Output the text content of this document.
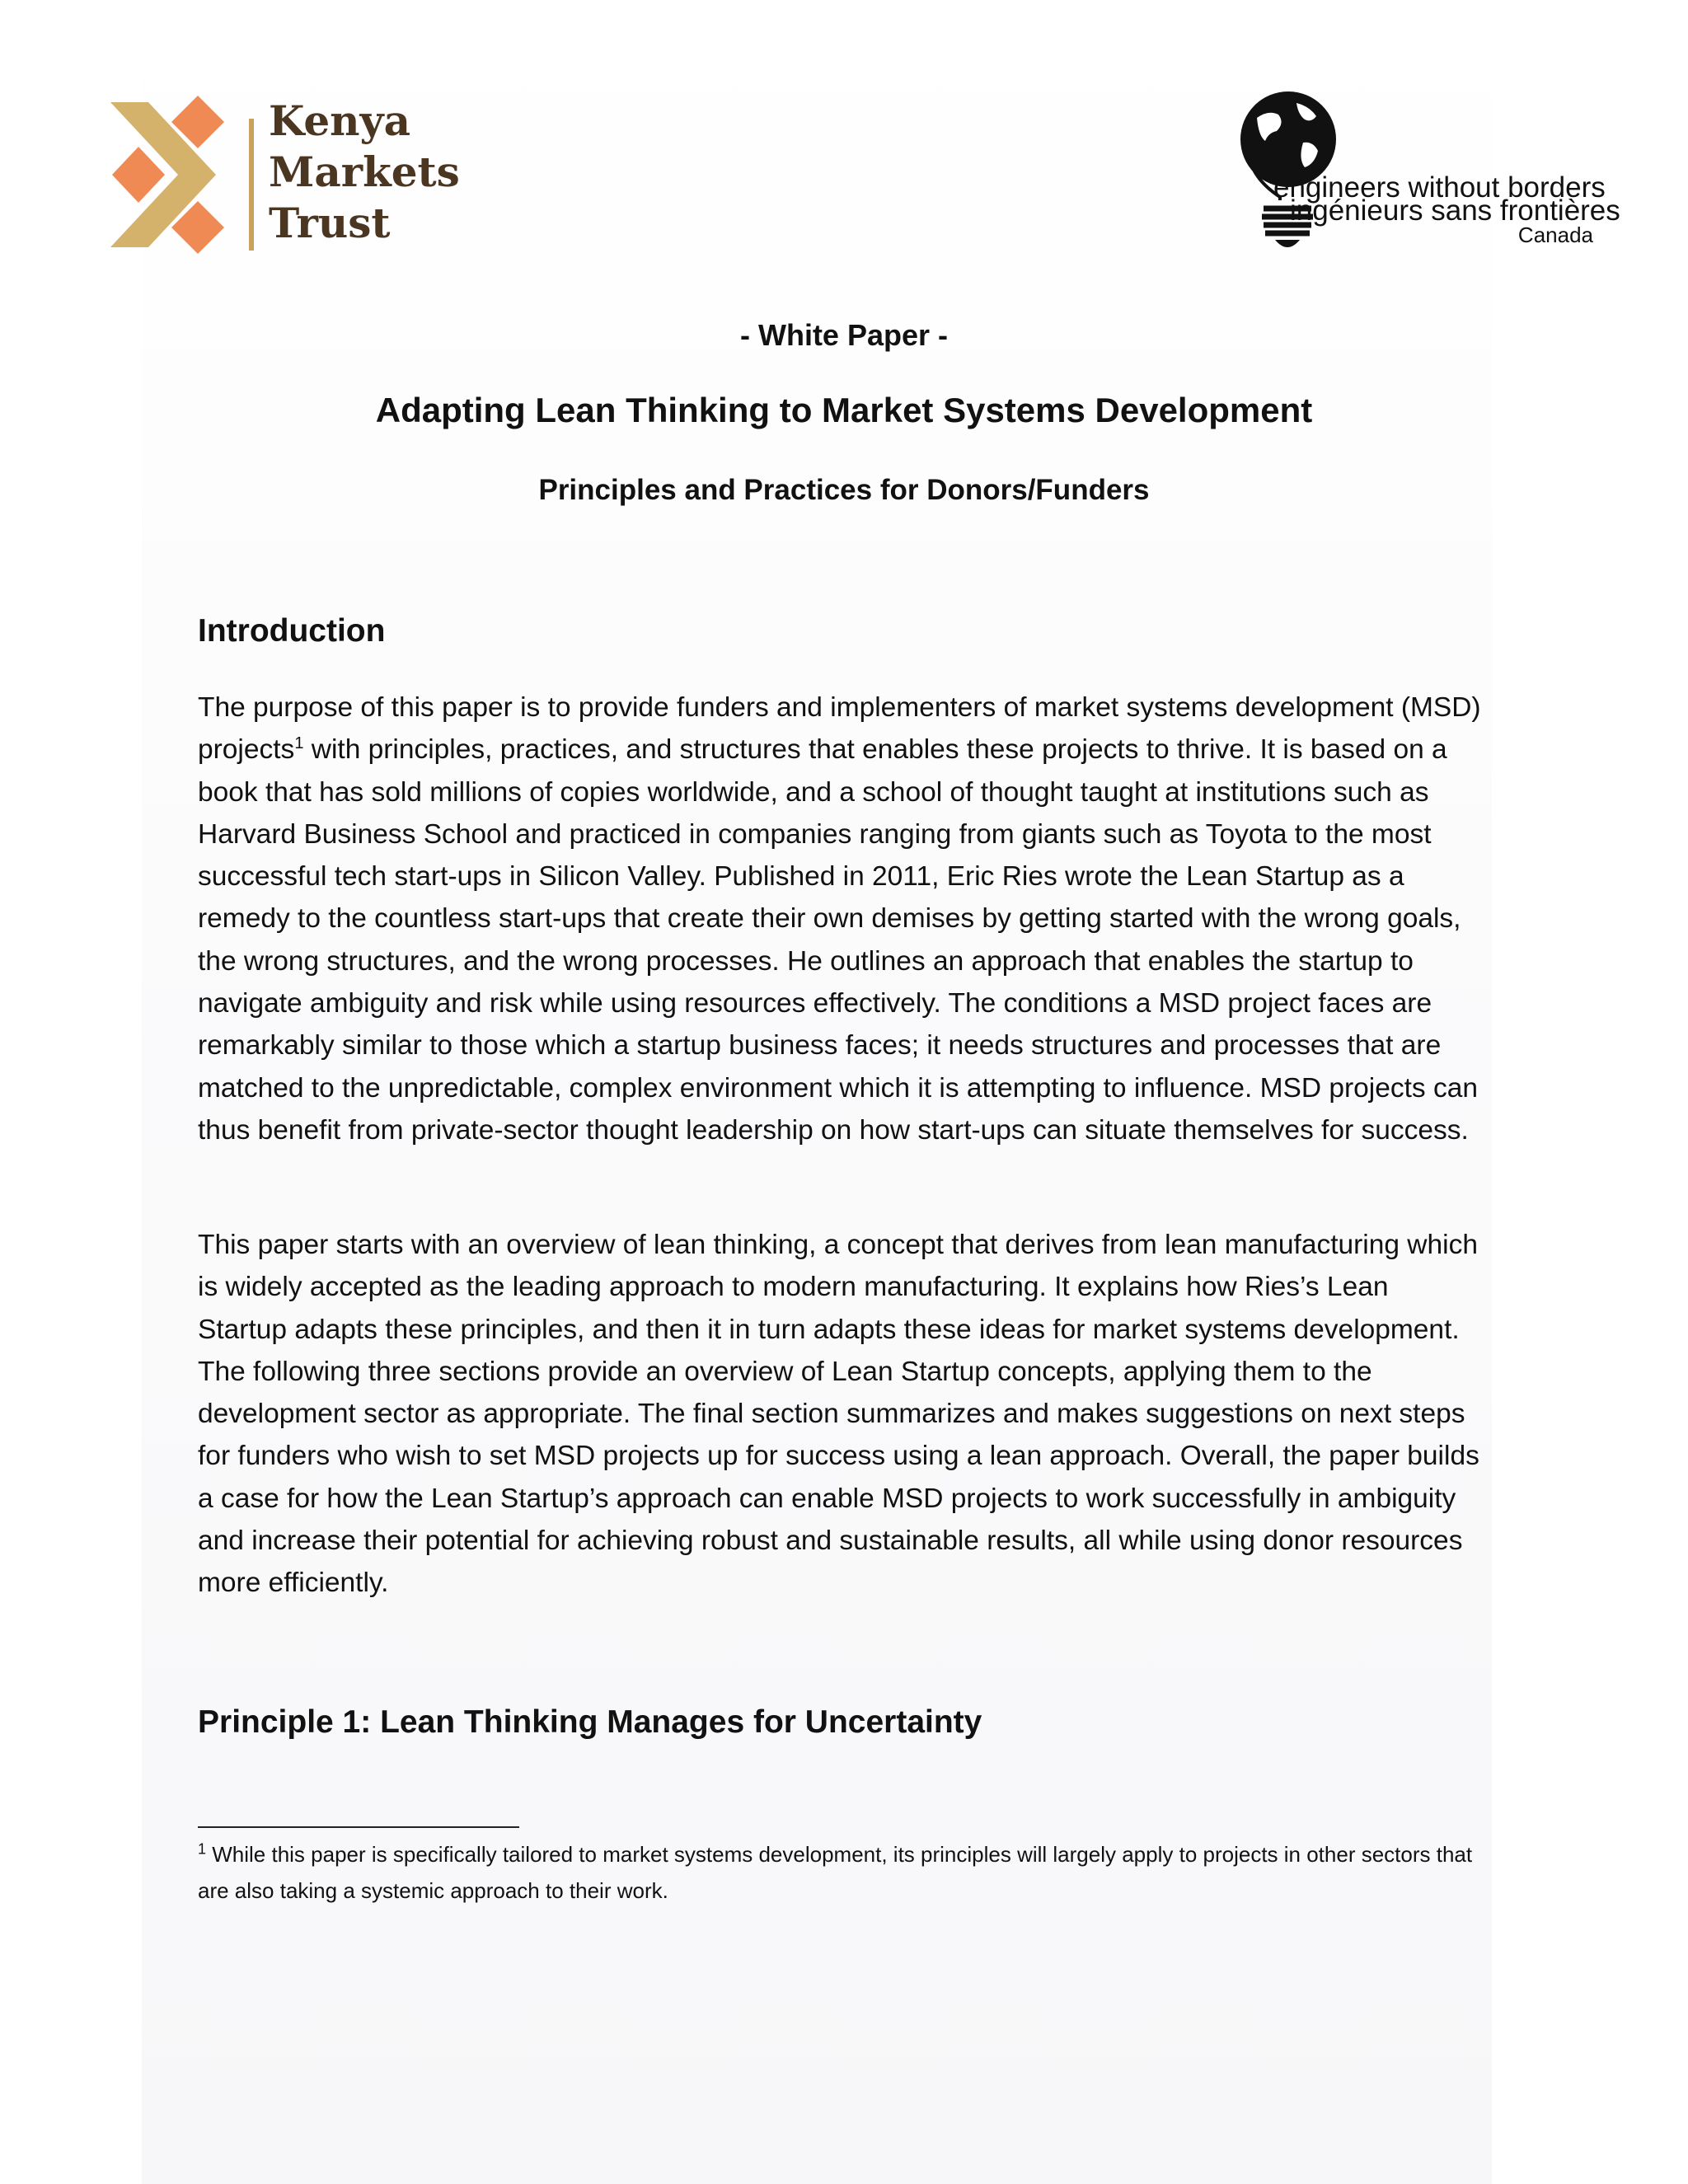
Kenya
Markets
Trust
engineers without borders
ingénieurs sans frontières
Canada
- White Paper -
Adapting Lean Thinking to Market Systems Development
Principles and Practices for Donors/Funders
Introduction

The purpose of this paper is to provide funders and implementers of market systems development (MSD) projects$^1$ with principles, practices, and structures that enables these projects to thrive. It is based on a book that has sold millions of copies worldwide, and a school of thought taught at institutions such as Harvard Business School and practiced in companies ranging from giants such as Toyota to the most successful tech start-ups in Silicon Valley. Published in 2011, Eric Ries wrote the Lean Startup as a remedy to the countless start-ups that create their own demises by getting started with the wrong goals, the wrong structures, and the wrong processes. He outlines an approach that enables the startup to navigate ambiguity and risk while using resources effectively. The conditions a MSD project faces are remarkably similar to those which a startup business faces; it needs structures and processes that are matched to the unpredictable, complex environment which it is attempting to influence. MSD projects can thus benefit from private-sector thought leadership on how start-ups can situate themselves for success.

This paper starts with an overview of lean thinking, a concept that derives from lean manufacturing which is widely accepted as the leading approach to modern manufacturing. It explains how Ries’s Lean Startup adapts these principles, and then it in turn adapts these ideas for market systems development. The following three sections provide an overview of Lean Startup concepts, applying them to the development sector as appropriate. The final section summarizes and makes suggestions on next steps for funders who wish to set MSD projects up for success using a lean approach. Overall, the paper builds a case for how the Lean Startup’s approach can enable MSD projects to work successfully in ambiguity and increase their potential for achieving robust and sustainable results, all while using donor resources more efficiently.

Principle 1: Lean Thinking Manages for Uncertainty

$^1$ While this paper is specifically tailored to market systems development, its principles will largely apply to projects in other sectors that are also taking a systemic approach to their work.
